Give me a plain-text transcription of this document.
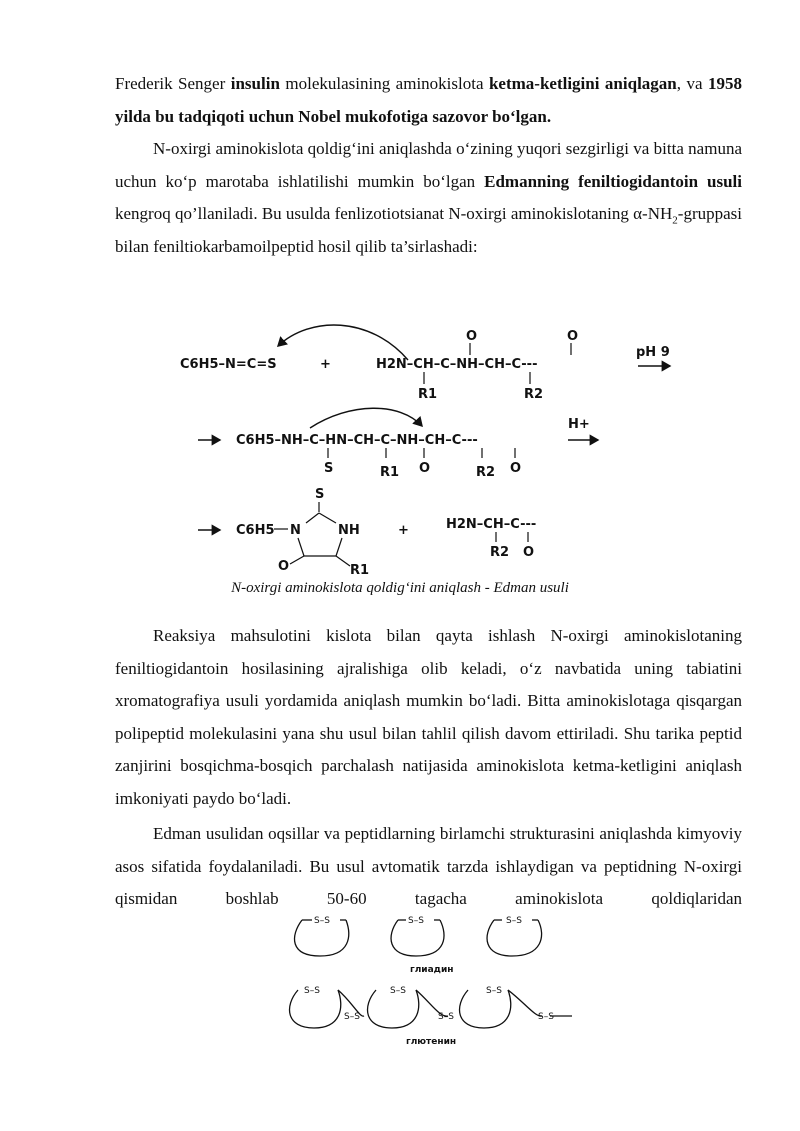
Frederik Senger insulin molekulasining aminokislota ketma-ketligini aniqlagan, va 1958 yilda bu tadqiqoti uchun Nobel mukofotiga sazovor bo‘lgan.

N-oxirgi aminokislota qoldig‘ini aniqlashda o‘zining yuqori sezgirligi va bitta namuna uchun ko‘p marotaba ishlatilishi mumkin bo‘lgan Edmanning feniltiogidantoin usuli kengroq qo’llaniladi. Bu usulda fenlizotiotsianat N-oxirgi aminokislotaning $\alpha-NH_2$-gruppasi bilan feniltiokarbamoilpeptid hosil qilib ta’sirlashadi:

C6H5–N=C=S	+	H2N–CH–C–NH–CH–C---
O	O
R1	R2
pH 9
C6H5–NH–C–HN–CH–C–NH–CH–C---
S	R1 O	R2 O
H+
C6H5 N	NH
S
O	R1
+	H2N–CH–C---
R2 O
N-oxirgi aminokislota qoldig‘ini aniqlash - Edman usuli

Reaksiya mahsulotini kislota bilan qayta ishlash N-oxirgi aminokislotaning feniltiogidantoin hosilasining ajralishiga olib keladi, o‘z navbatida uning tabiatini xromatografiya usuli yordamida aniqlash mumkin bo‘ladi. Bitta aminokislotaga qisqargan polipeptid molekulasini yana shu usul bilan tahlil qilish davom ettiriladi. Shu tarika peptid zanjirini bosqichma-bosqich parchalash natijasida aminokislota ketma-ketligini aniqlash imkoniyati paydo bo‘ladi.

Edman usulidan oqsillar va peptidlarning birlamchi strukturasini aniqlashda kimyoviy asos sifatida foydalaniladi. Bu usul avtomatik tarzda ishlaydigan va peptidning N-oxirgi qismidan boshlab 50-60 tagacha aminokislota qoldiqlaridan

S–S	S–S	S–S
S–S	S–S	S–S
S–S	S–S	S–S
глиадин
глютенин
